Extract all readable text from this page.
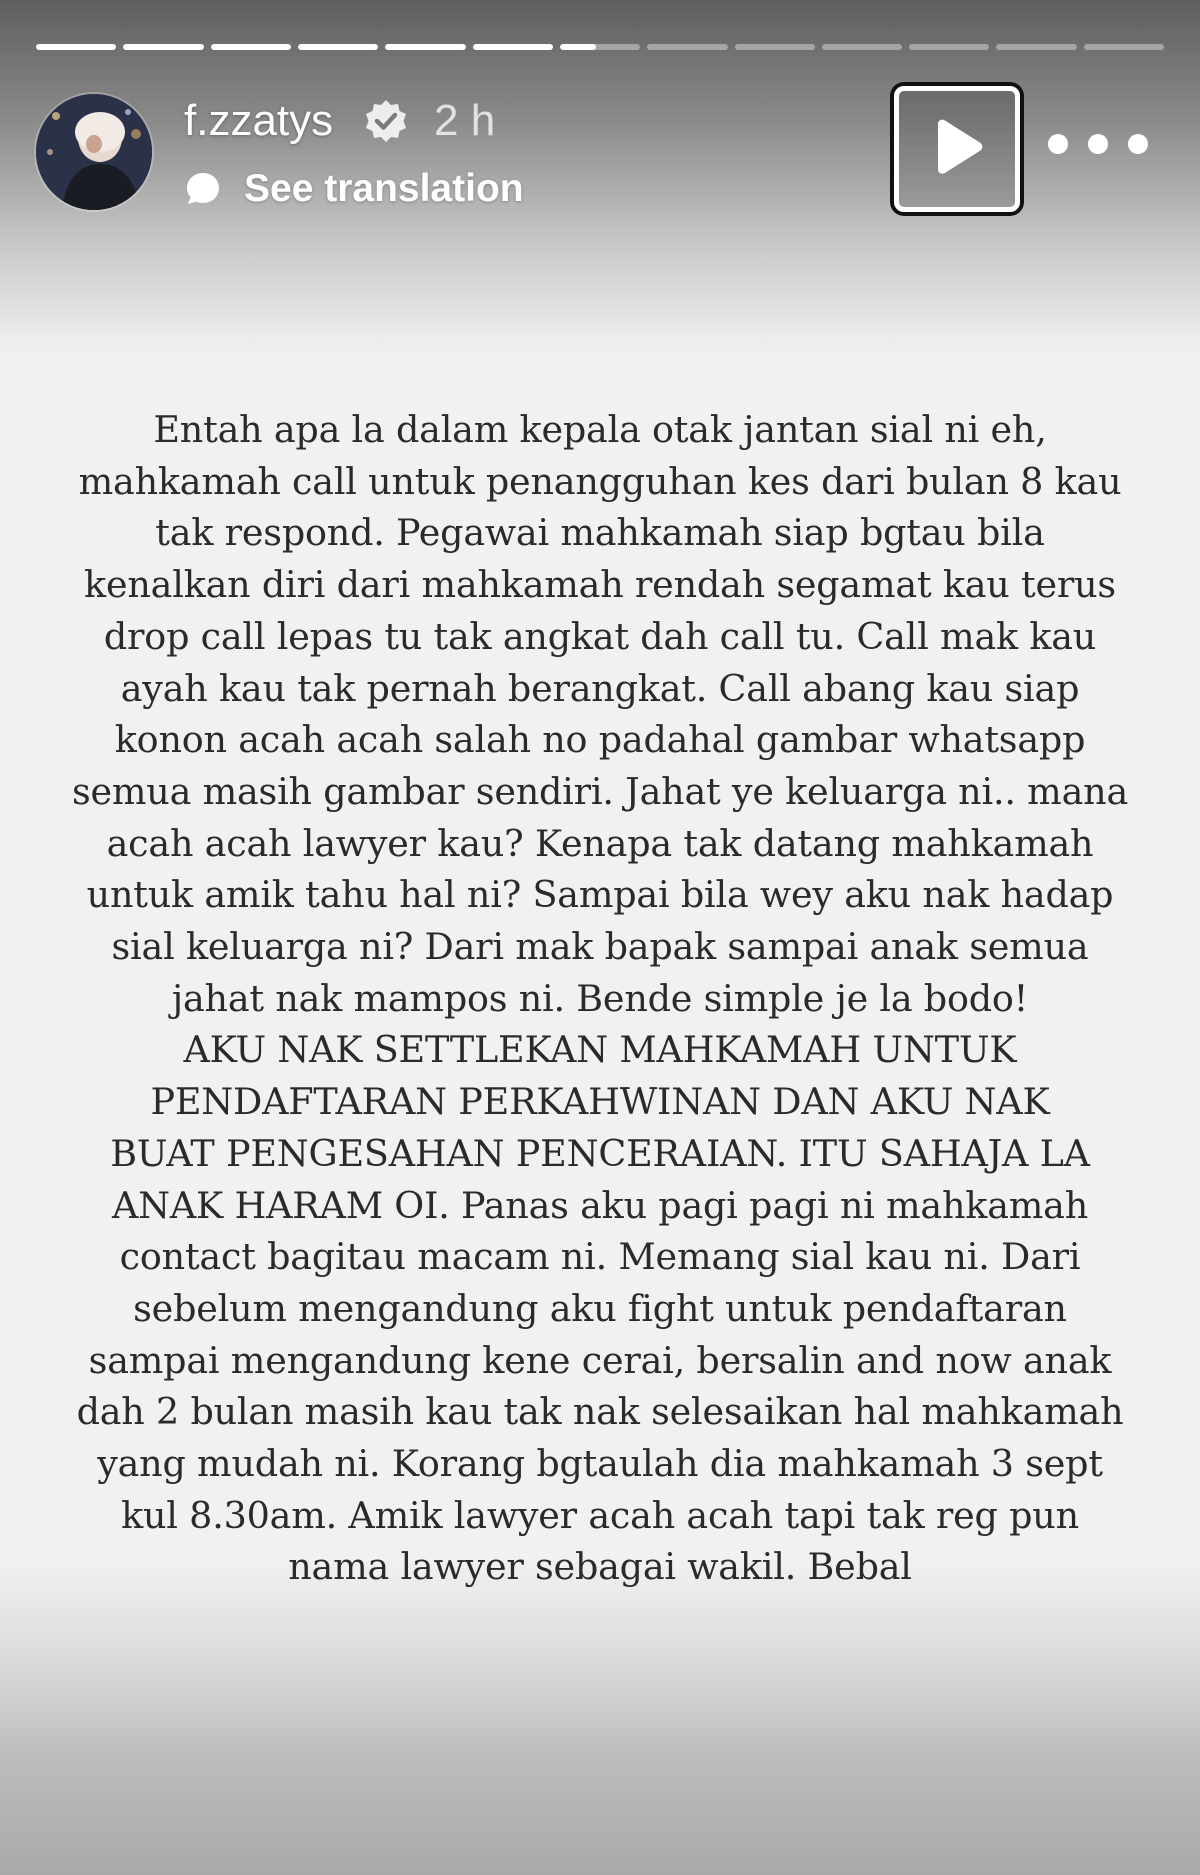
f.zzatys 2 h
See translation
Entah apa la dalam kepala otak jantan sial ni eh,
mahkamah call untuk penangguhan kes dari bulan 8 kau
tak respond. Pegawai mahkamah siap bgtau bila
kenalkan diri dari mahkamah rendah segamat kau terus
drop call lepas tu tak angkat dah call tu. Call mak kau
ayah kau tak pernah berangkat. Call abang kau siap
konon acah acah salah no padahal gambar whatsapp
semua masih gambar sendiri. Jahat ye keluarga ni.. mana
acah acah lawyer kau? Kenapa tak datang mahkamah
untuk amik tahu hal ni? Sampai bila wey aku nak hadap
sial keluarga ni? Dari mak bapak sampai anak semua
jahat nak mampos ni. Bende simple je la bodo!
AKU NAK SETTLEKAN MAHKAMAH UNTUK
PENDAFTARAN PERKAHWINAN DAN AKU NAK
BUAT PENGESAHAN PENCERAIAN. ITU SAHAJA LA
ANAK HARAM OI. Panas aku pagi pagi ni mahkamah
contact bagitau macam ni. Memang sial kau ni. Dari
sebelum mengandung aku fight untuk pendaftaran
sampai mengandung kene cerai, bersalin and now anak
dah 2 bulan masih kau tak nak selesaikan hal mahkamah
yang mudah ni. Korang bgtaulah dia mahkamah 3 sept
kul 8.30am. Amik lawyer acah acah tapi tak reg pun
nama lawyer sebagai wakil. Bebal
